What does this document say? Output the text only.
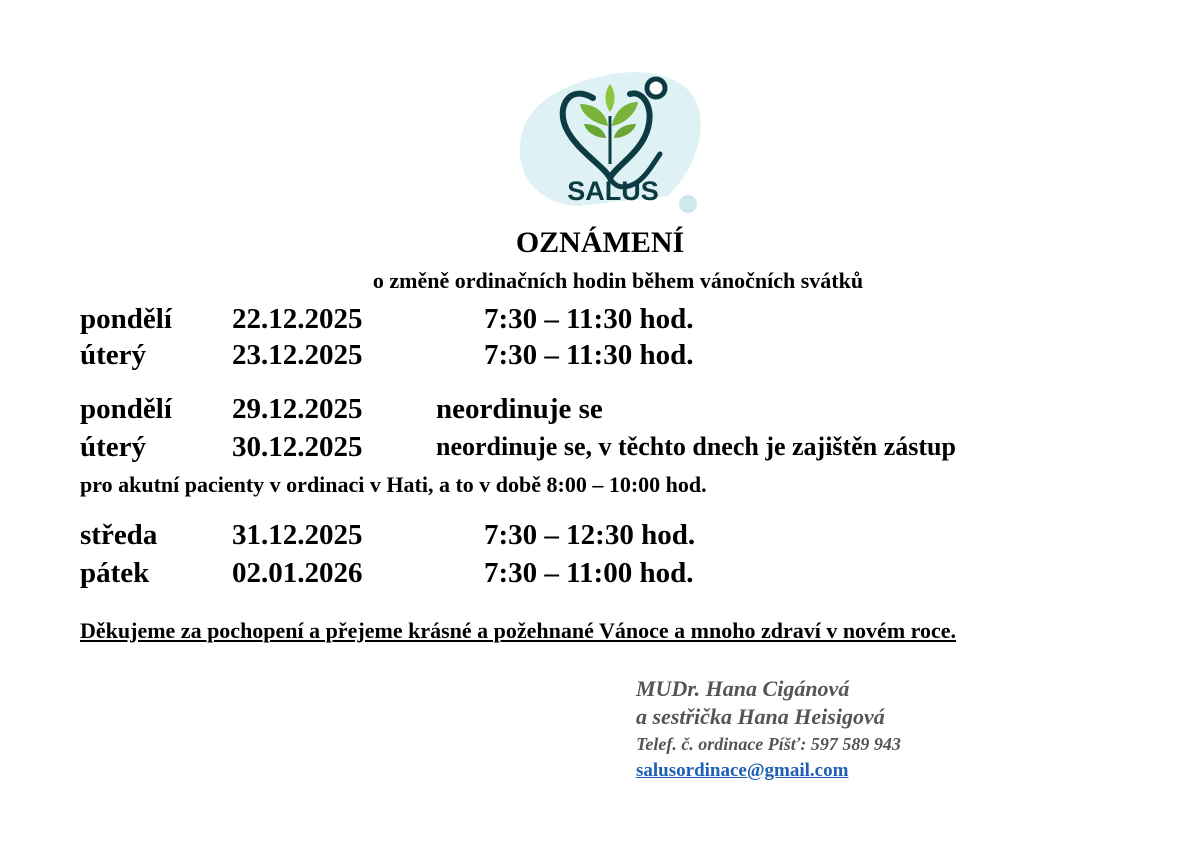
SALUS
OZNÁMENÍ
o změně ordinačních hodin během vánočních svátků
pondělí 22.12.2025	7:30 – 11:30 hod.
úterý	23.12.2025	7:30 – 11:30 hod.
pondělí 29.12.2025	neordinuje se
úterý	30.12.2025	neordinuje se, v těchto dnech je zajištěn zástup
pro akutní pacienty v ordinaci v Hati, a to v době 8:00 – 10:00 hod.
středa	31.12.2025	7:30 – 12:30 hod.
pátek	02.01.2026	7:30 – 11:00 hod.
Děkujeme za pochopení a přejeme krásné a požehnané Vánoce a mnoho zdraví v novém roce.
MUDr. Hana Cigánová
a sestřička Hana Heisigová
Telef. č. ordinace Píšť: 597 589 943
salusordinace@gmail.com
